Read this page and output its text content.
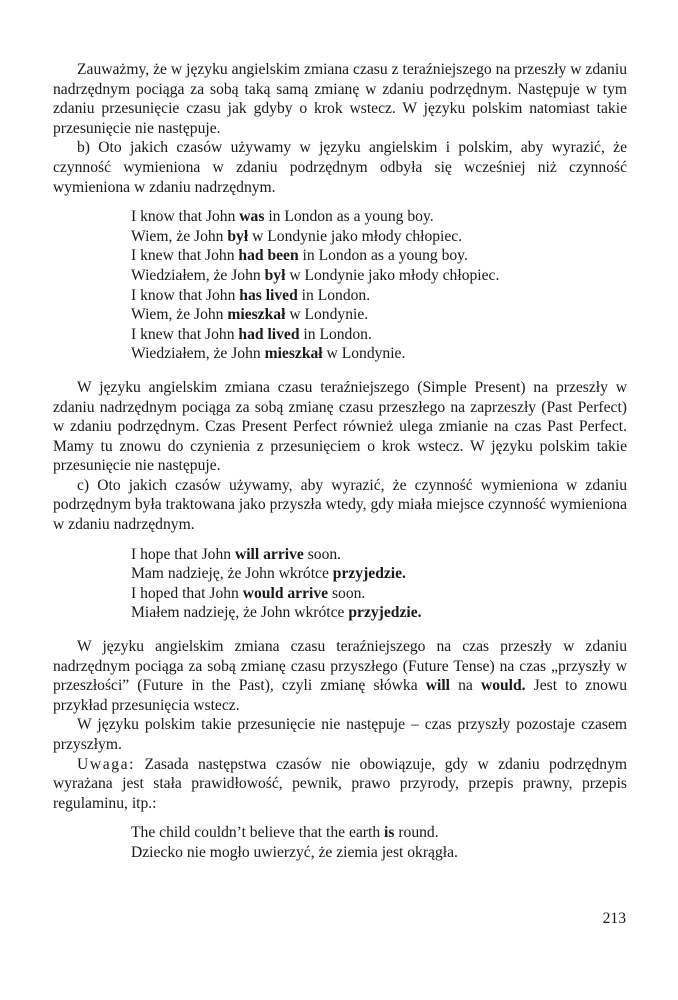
Zauważmy, że w języku angielskim zmiana czasu z teraźniejszego na przeszły w zdaniu nadrzędnym pociąga za sobą taką samą zmianę w zdaniu podrzędnym. Następuje w tym zdaniu przesunięcie czasu jak gdyby o krok wstecz. W języku polskim natomiast takie przesunięcie nie następuje.

b) Oto jakich czasów używamy w języku angielskim i polskim, aby wyrazić, że czynność wymieniona w zdaniu podrzędnym odbyła się wcześniej niż czynność wymieniona w zdaniu nadrzędnym.

I know that John was in London as a young boy.
Wiem, że John był w Londynie jako młody chłopiec.
I knew that John had been in London as a young boy.
Wiedziałem, że John był w Londynie jako młody chłopiec.
I know that John has lived in London.
Wiem, że John mieszkał w Londynie.
I knew that John had lived in London.
Wiedziałem, że John mieszkał w Londynie.

W języku angielskim zmiana czasu teraźniejszego (Simple Present) na przeszły w zdaniu nadrzędnym pociąga za sobą zmianę czasu przeszłego na zaprzeszły (Past Perfect) w zdaniu podrzędnym. Czas Present Perfect również ulega zmianie na czas Past Perfect. Mamy tu znowu do czynienia z przesunięciem o krok wstecz. W języku polskim takie przesunięcie nie następuje.

c) Oto jakich czasów używamy, aby wyrazić, że czynność wymieniona w zdaniu podrzędnym była traktowana jako przyszła wtedy, gdy miała miejsce czynność wymieniona w zdaniu nadrzędnym.

I hope that John will arrive soon.
Mam nadzieję, że John wkrótce przyjedzie.
I hoped that John would arrive soon.
Miałem nadzieję, że John wkrótce przyjedzie.

W języku angielskim zmiana czasu teraźniejszego na czas przeszły w zdaniu nadrzędnym pociąga za sobą zmianę czasu przyszłego (Future Tense) na czas „przyszły w przeszłości” (Future in the Past), czyli zmianę słówka will na would. Jest to znowu przykład przesunięcia wstecz.

W języku polskim takie przesunięcie nie następuje – czas przyszły pozostaje czasem przyszłym.

Uwaga: Zasada następstwa czasów nie obowiązuje, gdy w zdaniu podrzędnym wyrażana jest stała prawidłowość, pewnik, prawo przyrody, przepis prawny, przepis regulaminu, itp.:

The child couldn’t believe that the earth is round.
Dziecko nie mogło uwierzyć, że ziemia jest okrągła.
213
